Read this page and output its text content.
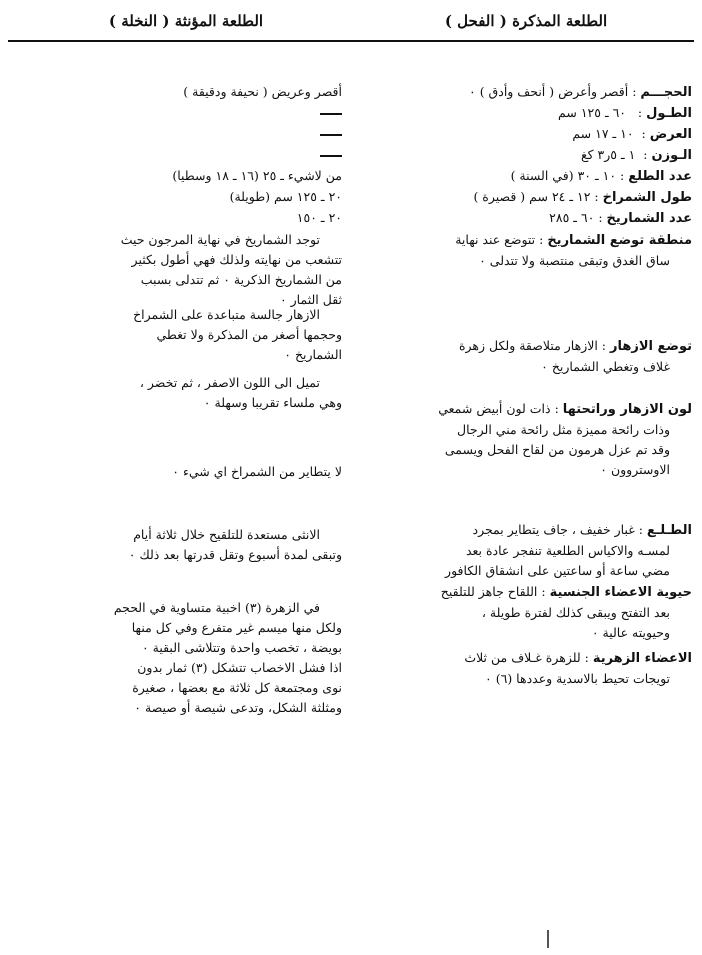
الطلعة المذكرة ( الفحل )
الطلعة المؤنثة ( النخلة )
الحجـــم : أقصر وأعرض ( أنحف وأدق ) ٠
الطـول :   ٦٠ ـ ١٢٥ سم
العرض :  ١٠ ـ ١٧ سم
الـوزن :  ١ ـ ٥ر٣ كغ
عدد الطلع : ١٠ ـ ٣٠ (في السنة )
طول الشمراخ : ١٢ ـ ٢٤ سم ( قصيرة )
عدد الشماريخ : ٦٠ ـ ٢٨٥
منطقة توضع الشماريخ : تتوضع عند نهاية
ساق الغدق وتبقى منتصبة ولا تتدلى ٠
توضع الازهار : الازهار متلاصقة ولكل زهرة
غلاف وتغطي الشماريخ ٠
لون الازهار وراتحتها : ذات لون أبيض شمعي
وذات رائحة مميزة مثل رائحة مني الرجال
وقد تم عزل هرمون من لقاح الفحل ويسمى
الاوستروون ٠
الطـلـع : غبار خفيف ، جاف يتطاير بمجرد
لمسـه والاكياس الطلعية تنفجر عادة بعد
مضي ساعة أو ساعتين على انشقاق الكافور
حيوية الاعضاء الجنسية : اللقاح جاهز للتلقيح
بعد التفتح ويبقى كذلك لفترة طويلة ،
وحيويته عالية ٠
الاعضاء الزهرية : للزهرة غـلاف من ثلاث
تويجات تحيط بالاسدية وعددها (٦) ٠
أقصر وعريض ( نحيفة ودقيقة )
من لاشيء ـ ٢٥ (١٦ ـ ١٨ وسطيا)
٢٠ ـ ١٢٥ سم (طويلة)
٢٠ ـ ١٥٠
توجد الشماريخ في نهاية المرجون حيث
تتشعب من نهايته ولذلك فهي أطول بكثير
من الشماريخ الذكرية ٠ ثم تتدلى بسبب
ثقل الثمار ٠
الازهار جالسة متباعدة على الشمراخ
وحجمها أصغر من المذكرة ولا تغطي
الشماريخ ٠
تميل الى اللون الاصفر ، ثم تخضر ،
وهي ملساء تقريبا وسهلة ٠
لا يتطاير من الشمراخ اي شيء ٠
الانثى مستعدة للتلقيح خلال ثلاثة أيام
وتبقى لمدة أسبوع وتقل قدرتها بعد ذلك ٠
في الزهرة (٣) اخبية متساوية في الحجم
ولكل منها ميسم غير متفرع وفي كل منها
بويضة ، تخصب واحدة وتتلاشى البقية ٠
اذا فشل الاخصاب تتشكل (٣) ثمار بدون
نوى ومجتمعة كل ثلاثة مع بعضها ، صغيرة
ومثلثة الشكل، وتدعى شيصة أو صيصة ٠
